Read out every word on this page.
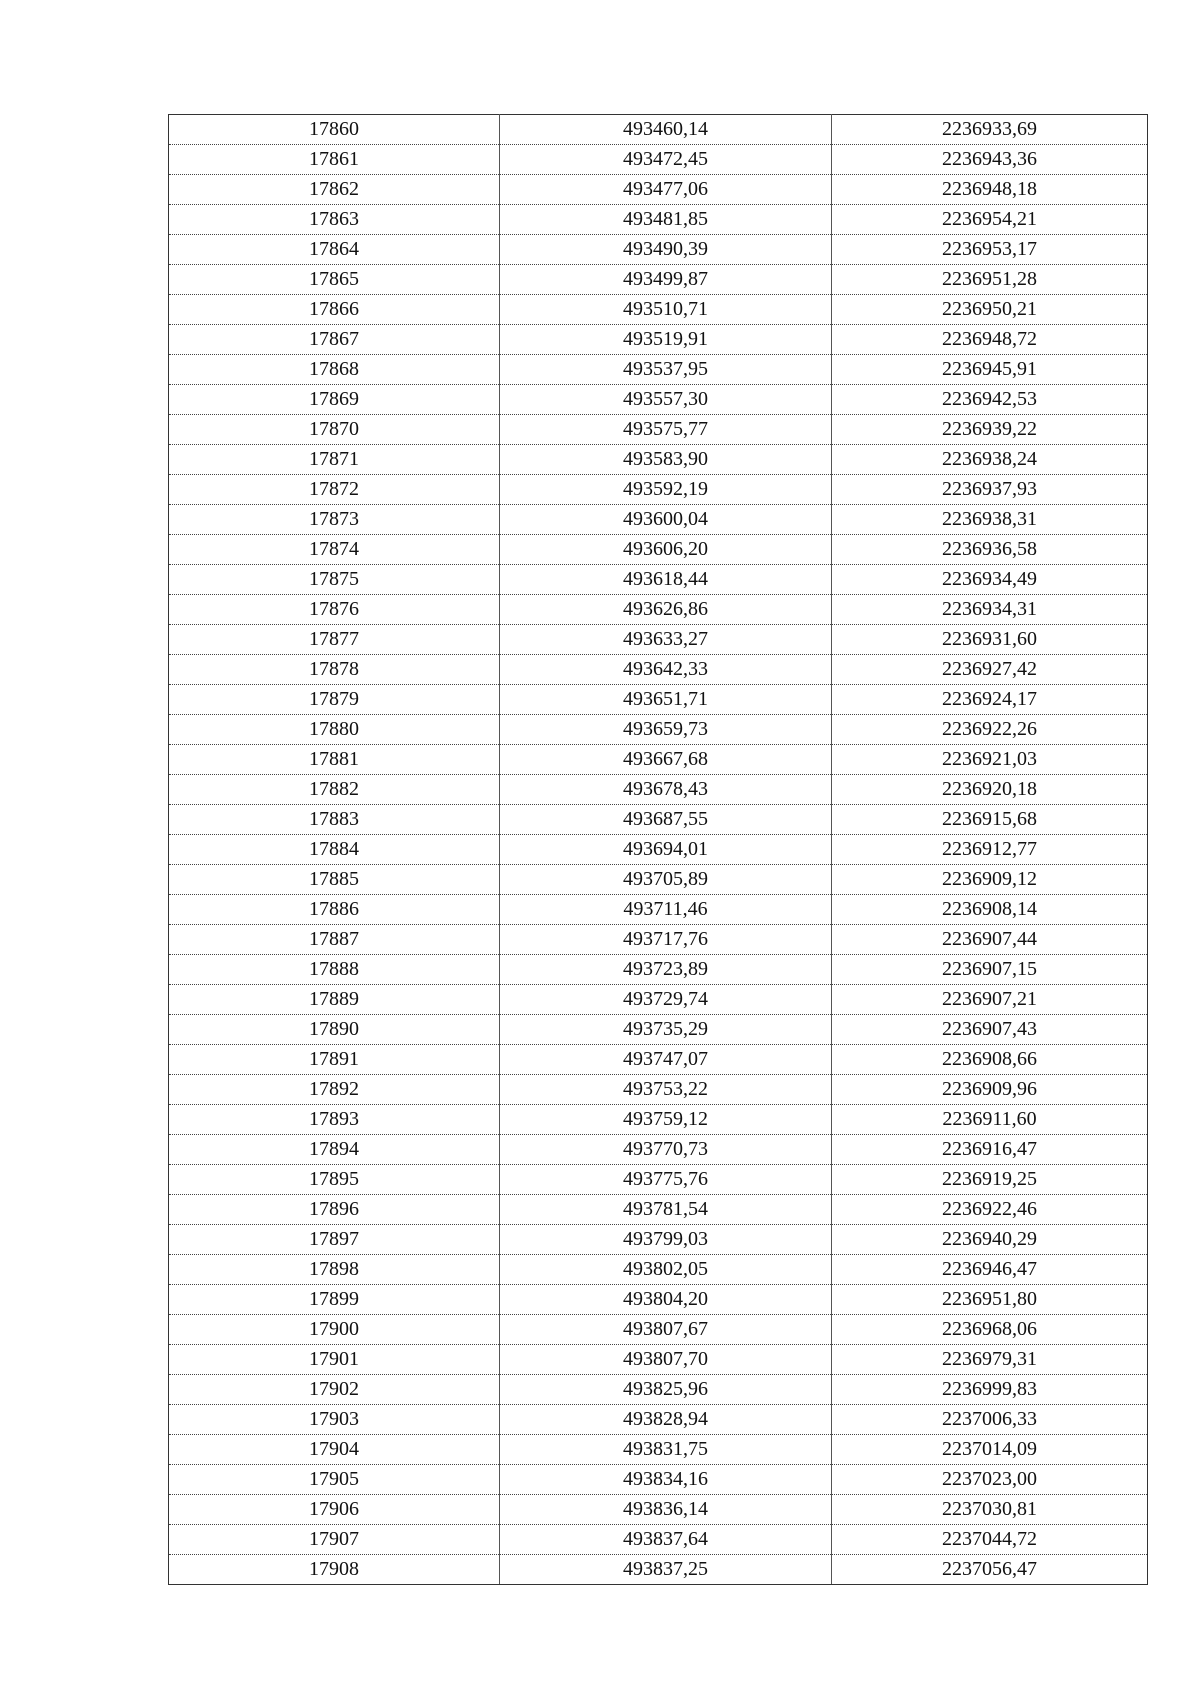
17860	493460,14	2236933,69
17861	493472,45	2236943,36
17862	493477,06	2236948,18
17863	493481,85	2236954,21
17864	493490,39	2236953,17
17865	493499,87	2236951,28
17866	493510,71	2236950,21
17867	493519,91	2236948,72
17868	493537,95	2236945,91
17869	493557,30	2236942,53
17870	493575,77	2236939,22
17871	493583,90	2236938,24
17872	493592,19	2236937,93
17873	493600,04	2236938,31
17874	493606,20	2236936,58
17875	493618,44	2236934,49
17876	493626,86	2236934,31
17877	493633,27	2236931,60
17878	493642,33	2236927,42
17879	493651,71	2236924,17
17880	493659,73	2236922,26
17881	493667,68	2236921,03
17882	493678,43	2236920,18
17883	493687,55	2236915,68
17884	493694,01	2236912,77
17885	493705,89	2236909,12
17886	493711,46	2236908,14
17887	493717,76	2236907,44
17888	493723,89	2236907,15
17889	493729,74	2236907,21
17890	493735,29	2236907,43
17891	493747,07	2236908,66
17892	493753,22	2236909,96
17893	493759,12	2236911,60
17894	493770,73	2236916,47
17895	493775,76	2236919,25
17896	493781,54	2236922,46
17897	493799,03	2236940,29
17898	493802,05	2236946,47
17899	493804,20	2236951,80
17900	493807,67	2236968,06
17901	493807,70	2236979,31
17902	493825,96	2236999,83
17903	493828,94	2237006,33
17904	493831,75	2237014,09
17905	493834,16	2237023,00
17906	493836,14	2237030,81
17907	493837,64	2237044,72
17908	493837,25	2237056,47
